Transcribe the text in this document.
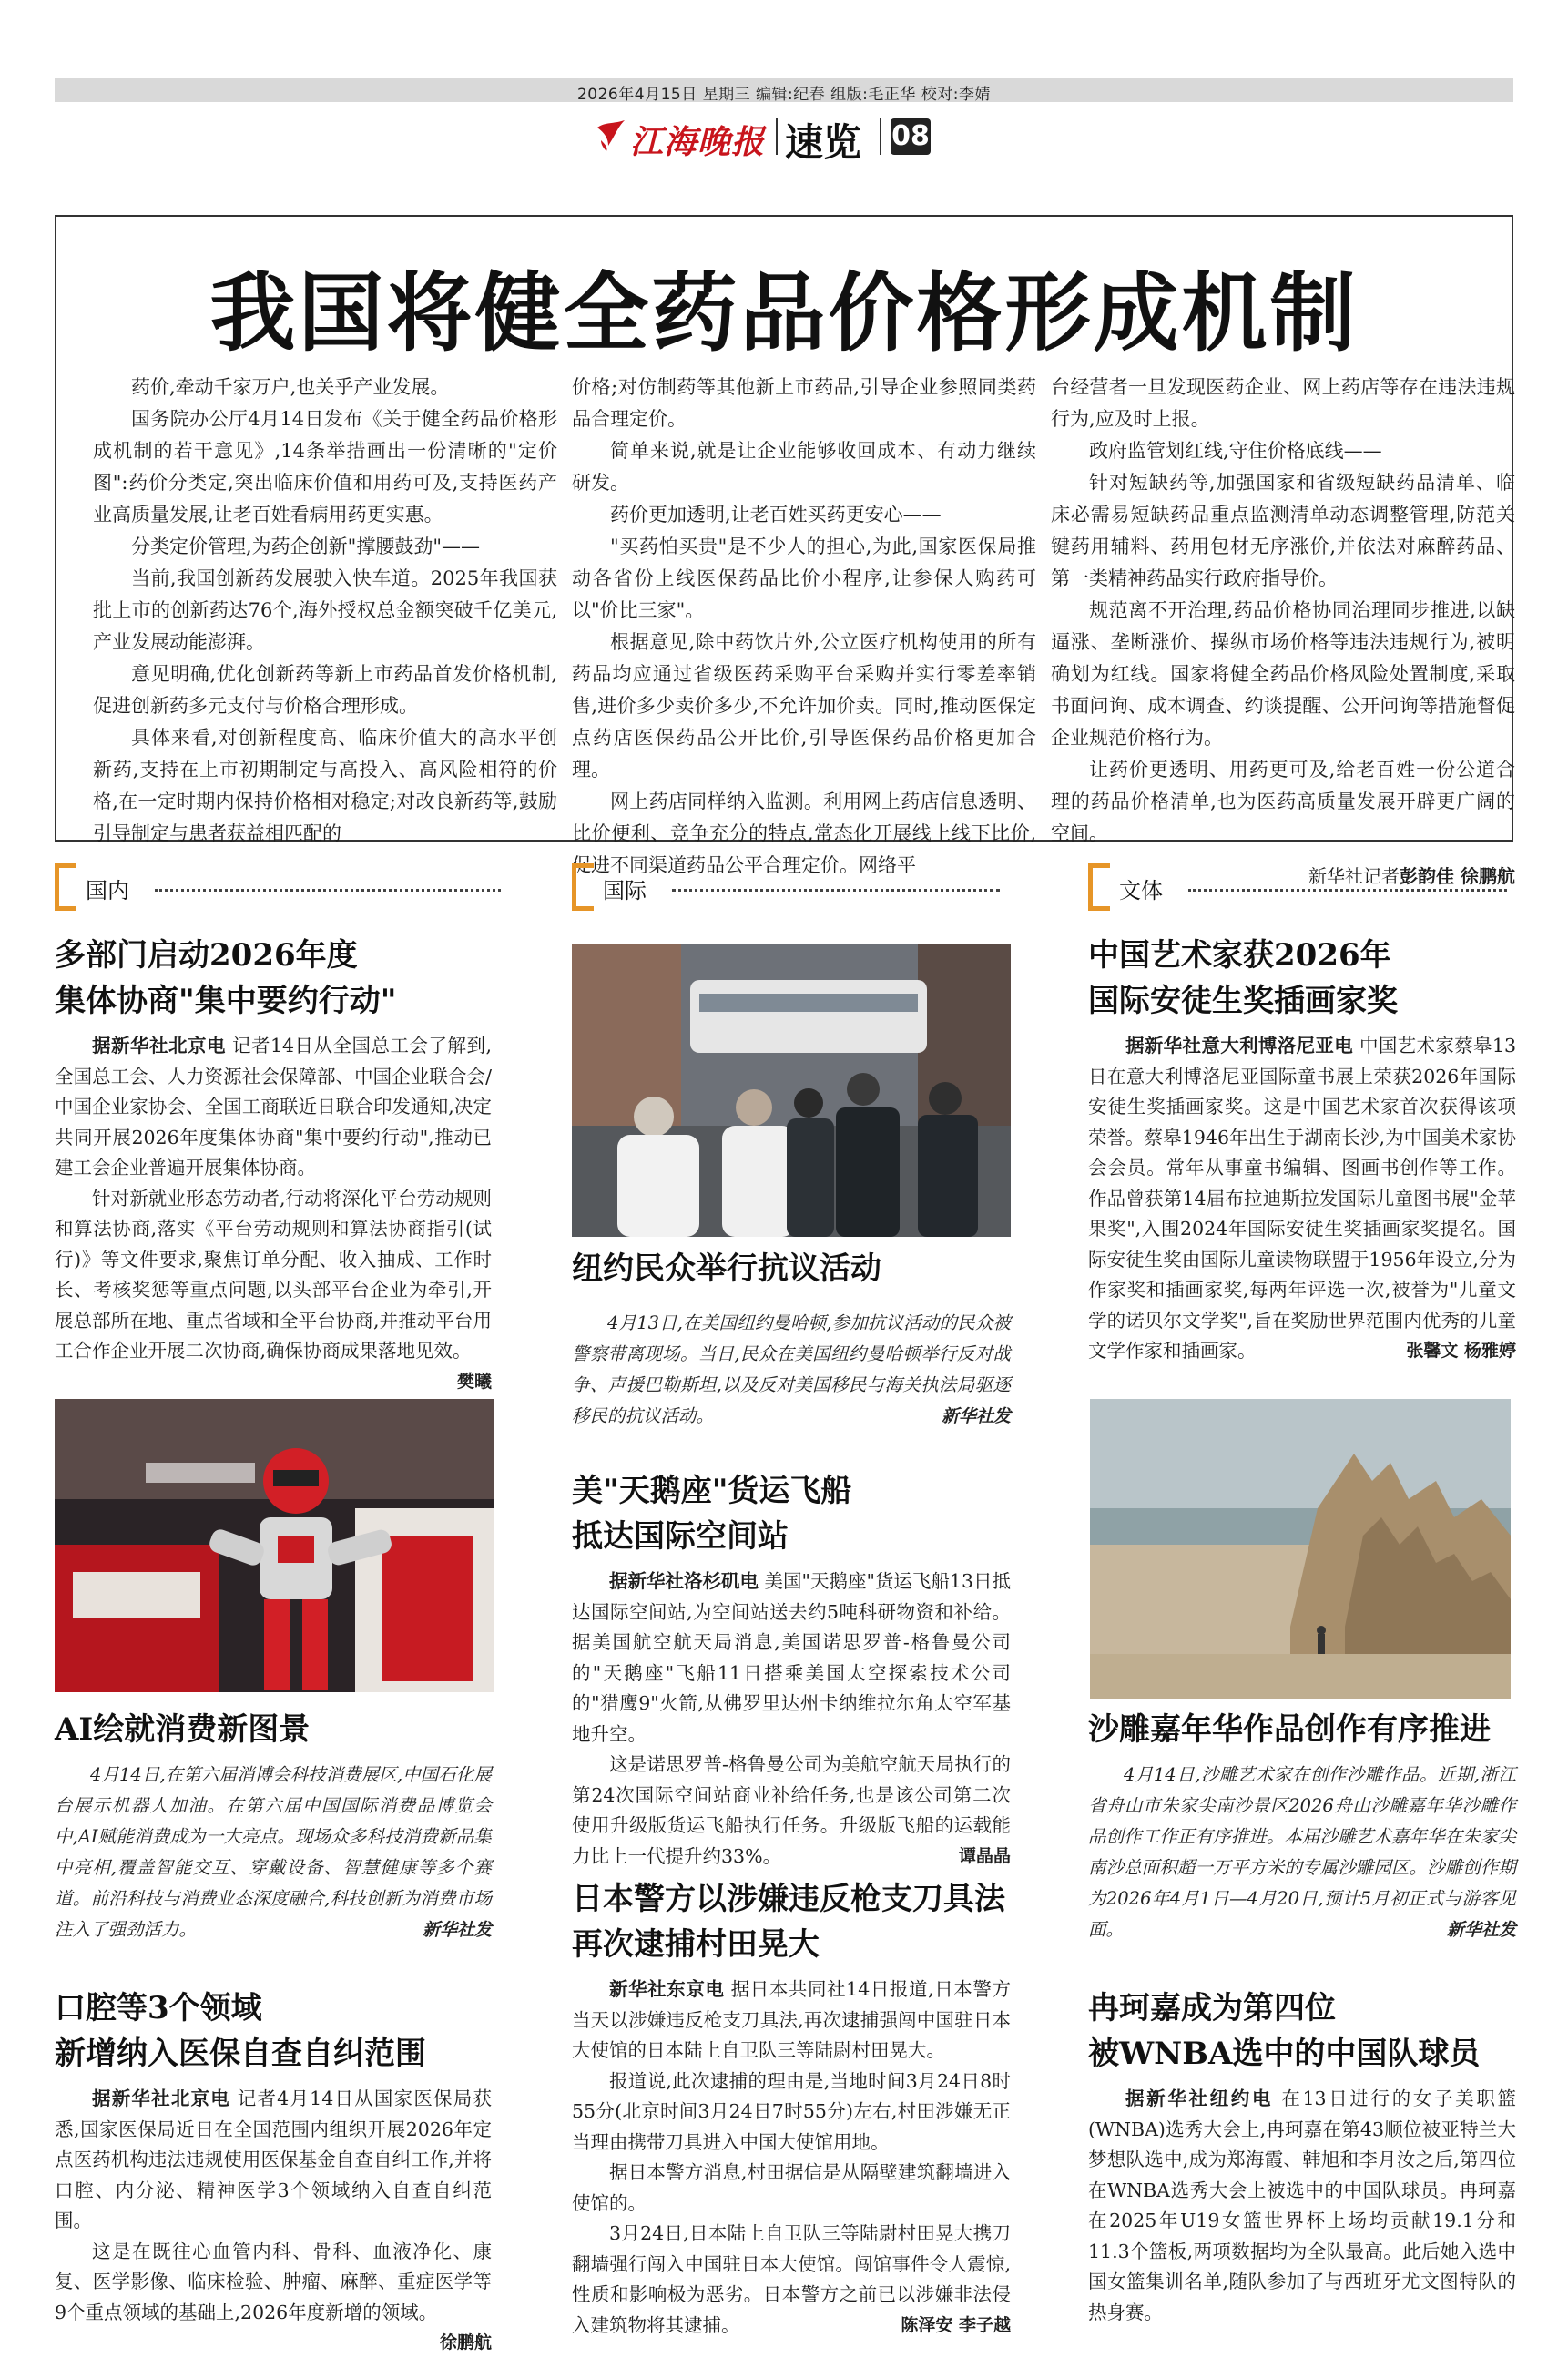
2026年4月15日 星期三 编辑:纪春 组版:毛正华 校对:李婧
江海晚报 速览 08
我国将健全药品价格形成机制

药价,牵动千家万户,也关乎产业发展。

国务院办公厅4月14日发布《关于健全药品价格形成机制的若干意见》,14条举措画出一份清晰的"定价图":药价分类定,突出临床价值和用药可及,支持医药产业高质量发展,让老百姓看病用药更实惠。

分类定价管理,为药企创新"撑腰鼓劲"——

当前,我国创新药发展驶入快车道。2025年我国获批上市的创新药达76个,海外授权总金额突破千亿美元,产业发展动能澎湃。

意见明确,优化创新药等新上市药品首发价格机制,促进创新药多元支付与价格合理形成。

具体来看,对创新程度高、临床价值大的高水平创新药,支持在上市初期制定与高投入、高风险相符的价格,在一定时期内保持价格相对稳定;对改良新药等,鼓励引导制定与患者获益相匹配的

价格;对仿制药等其他新上市药品,引导企业参照同类药品合理定价。

简单来说,就是让企业能够收回成本、有动力继续研发。

药价更加透明,让老百姓买药更安心——

"买药怕买贵"是不少人的担心,为此,国家医保局推动各省份上线医保药品比价小程序,让参保人购药可以"价比三家"。

根据意见,除中药饮片外,公立医疗机构使用的所有药品均应通过省级医药采购平台采购并实行零差率销售,进价多少卖价多少,不允许加价卖。同时,推动医保定点药店医保药品公开比价,引导医保药品价格更加合理。

网上药店同样纳入监测。利用网上药店信息透明、比价便利、竞争充分的特点,常态化开展线上线下比价,促进不同渠道药品公平合理定价。网络平

台经营者一旦发现医药企业、网上药店等存在违法违规行为,应及时上报。

政府监管划红线,守住价格底线——

针对短缺药等,加强国家和省级短缺药品清单、临床必需易短缺药品重点监测清单动态调整管理,防范关键药用辅料、药用包材无序涨价,并依法对麻醉药品、第一类精神药品实行政府指导价。

规范离不开治理,药品价格协同治理同步推进,以缺逼涨、垄断涨价、操纵市场价格等违法违规行为,被明确划为红线。国家将健全药品价格风险处置制度,采取书面问询、成本调查、约谈提醒、公开问询等措施督促企业规范价格行为。

让药价更透明、用药更可及,给老百姓一份公道合理的药品价格清单,也为医药高质量发展开辟更广阔的空间。

新华社记者彭韵佳 徐鹏航
国内	国际	文体
多部门启动2026年度
集体协商"集中要约行动"

据新华社北京电 记者14日从全国总工会了解到,全国总工会、人力资源社会保障部、中国企业联合会/中国企业家协会、全国工商联近日联合印发通知,决定共同开展2026年度集体协商"集中要约行动",推动已建工会企业普遍开展集体协商。

针对新就业形态劳动者,行动将深化平台劳动规则和算法协商,落实《平台劳动规则和算法协商指引(试行)》等文件要求,聚焦订单分配、收入抽成、工作时长、考核奖惩等重点问题,以头部平台企业为牵引,开展总部所在地、重点省域和全平台协商,并推动平台用工合作企业开展二次协商,确保协商成果落地见效。
樊曦

AI绘就消费新图景

4月14日,在第六届消博会科技消费展区,中国石化展台展示机器人加油。在第六届中国国际消费品博览会中,AI赋能消费成为一大亮点。现场众多科技消费新品集中亮相,覆盖智能交互、穿戴设备、智慧健康等多个赛道。前沿科技与消费业态深度融合,科技创新为消费市场注入了强劲活力。	新华社发

口腔等3个领域
新增纳入医保自查自纠范围

据新华社北京电 记者4月14日从国家医保局获悉,国家医保局近日在全国范围内组织开展2026年定点医药机构违法违规使用医保基金自查自纠工作,并将口腔、内分泌、精神医学3个领域纳入自查自纠范围。

这是在既往心血管内科、骨科、血液净化、康复、医学影像、临床检验、肿瘤、麻醉、重症医学等9个重点领域的基础上,2026年度新增的领域。
徐鹏航

纽约民众举行抗议活动

4月13日,在美国纽约曼哈顿,参加抗议活动的民众被警察带离现场。当日,民众在美国纽约曼哈顿举行反对战争、声援巴勒斯坦,以及反对美国移民与海关执法局驱逐移民的抗议活动。	新华社发

美"天鹅座"货运飞船
抵达国际空间站

据新华社洛杉矶电 美国"天鹅座"货运飞船13日抵达国际空间站,为空间站送去约5吨科研物资和补给。据美国航空航天局消息,美国诺思罗普-格鲁曼公司的"天鹅座"飞船11日搭乘美国太空探索技术公司的"猎鹰9"火箭,从佛罗里达州卡纳维拉尔角太空军基地升空。

这是诺思罗普-格鲁曼公司为美航空航天局执行的第24次国际空间站商业补给任务,也是该公司第二次使用升级版货运飞船执行任务。升级版飞船的运载能力比上一代提升约33%。	谭晶晶

日本警方以涉嫌违反枪支刀具法
再次逮捕村田晃大

新华社东京电 据日本共同社14日报道,日本警方当天以涉嫌违反枪支刀具法,再次逮捕强闯中国驻日本大使馆的日本陆上自卫队三等陆尉村田晃大。

报道说,此次逮捕的理由是,当地时间3月24日8时55分(北京时间3月24日7时55分)左右,村田涉嫌无正当理由携带刀具进入中国大使馆用地。

据日本警方消息,村田据信是从隔壁建筑翻墙进入使馆的。

3月24日,日本陆上自卫队三等陆尉村田晃大携刀翻墙强行闯入中国驻日本大使馆。闯馆事件令人震惊,性质和影响极为恶劣。日本警方之前已以涉嫌非法侵入建筑物将其逮捕。	陈泽安 李子越

中国艺术家获2026年
国际安徒生奖插画家奖

据新华社意大利博洛尼亚电 中国艺术家蔡皋13日在意大利博洛尼亚国际童书展上荣获2026年国际安徒生奖插画家奖。这是中国艺术家首次获得该项荣誉。蔡皋1946年出生于湖南长沙,为中国美术家协会会员。常年从事童书编辑、图画书创作等工作。作品曾获第14届布拉迪斯拉发国际儿童图书展"金苹果奖",入围2024年国际安徒生奖插画家奖提名。国际安徒生奖由国际儿童读物联盟于1956年设立,分为作家奖和插画家奖,每两年评选一次,被誉为"儿童文学的诺贝尔文学奖",旨在奖励世界范围内优秀的儿童文学作家和插画家。	张馨文 杨雅婷

沙雕嘉年华作品创作有序推进

4月14日,沙雕艺术家在创作沙雕作品。近期,浙江省舟山市朱家尖南沙景区2026舟山沙雕嘉年华沙雕作品创作工作正有序推进。本届沙雕艺术嘉年华在朱家尖南沙总面积超一万平方米的专属沙雕园区。沙雕创作期为2026年4月1日—4月20日,预计5月初正式与游客见面。	新华社发

冉珂嘉成为第四位
被WNBA选中的中国队球员

据新华社纽约电 在13日进行的女子美职篮(WNBA)选秀大会上,冉珂嘉在第43顺位被亚特兰大梦想队选中,成为郑海霞、韩旭和李月汝之后,第四位在WNBA选秀大会上被选中的中国队球员。冉珂嘉在2025年U19女篮世界杯上场均贡献19.1分和11.3个篮板,两项数据均为全队最高。此后她入选中国女篮集训名单,随队参加了与西班牙尤文图特队的热身赛。
